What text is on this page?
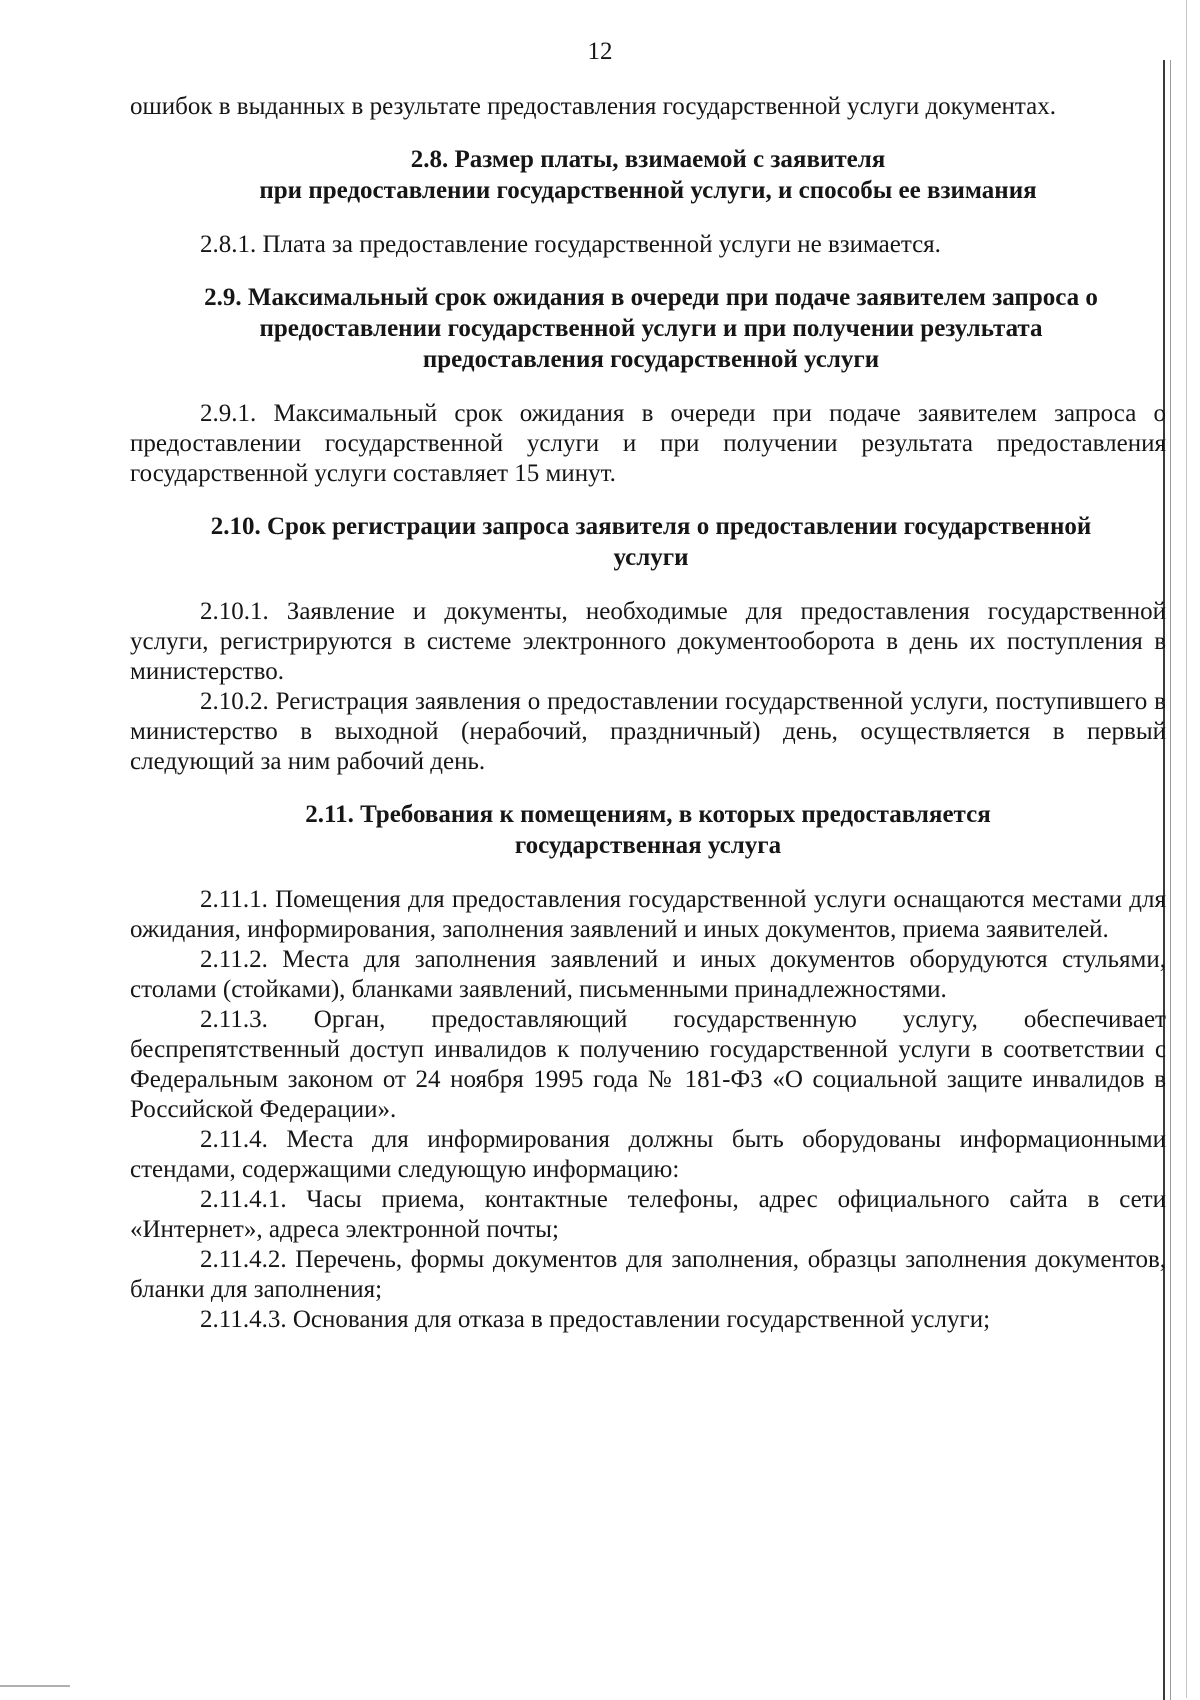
12

ошибок в выданных в результате предоставления государственной услуги документах.

2.8. Размер платы, взимаемой с заявителя
при предоставлении государственной услуги, и способы ее взимания

2.8.1. Плата за предоставление государственной услуги не взимается.

2.9. Максимальный срок ожидания в очереди при подаче заявителем запроса о
предоставлении государственной услуги и при получении результата
предоставления государственной услуги

2.9.1. Максимальный срок ожидания в очереди при подаче заявителем запроса о предоставлении государственной услуги и при получении результата предоставления государственной услуги составляет 15 минут.

2.10. Срок регистрации запроса заявителя о предоставлении государственной
услуги

2.10.1. Заявление и документы, необходимые для предоставления государственной услуги, регистрируются в системе электронного документооборота в день их поступления в министерство.

2.10.2. Регистрация заявления о предоставлении государственной услуги, поступившего в министерство в выходной (нерабочий, праздничный) день, осуществляется в первый следующий за ним рабочий день.

2.11. Требования к помещениям, в которых предоставляется
государственная услуга

2.11.1. Помещения для предоставления государственной услуги оснащаются местами для ожидания, информирования, заполнения заявлений и иных документов, приема заявителей.

2.11.2. Места для заполнения заявлений и иных документов оборудуются стульями, столами (стойками), бланками заявлений, письменными принадлежностями.

2.11.3. Орган, предоставляющий государственную услугу, обеспечивает беспрепятственный доступ инвалидов к получению государственной услуги в соответствии с Федеральным законом от 24 ноября 1995 года № 181-ФЗ «О социальной защите инвалидов в Российской Федерации».

2.11.4. Места для информирования должны быть оборудованы информационными стендами, содержащими следующую информацию:

2.11.4.1. Часы приема, контактные телефоны, адрес официального сайта в сети «Интернет», адреса электронной почты;

2.11.4.2. Перечень, формы документов для заполнения, образцы заполнения документов, бланки для заполнения;

2.11.4.3. Основания для отказа в предоставлении государственной услуги;
